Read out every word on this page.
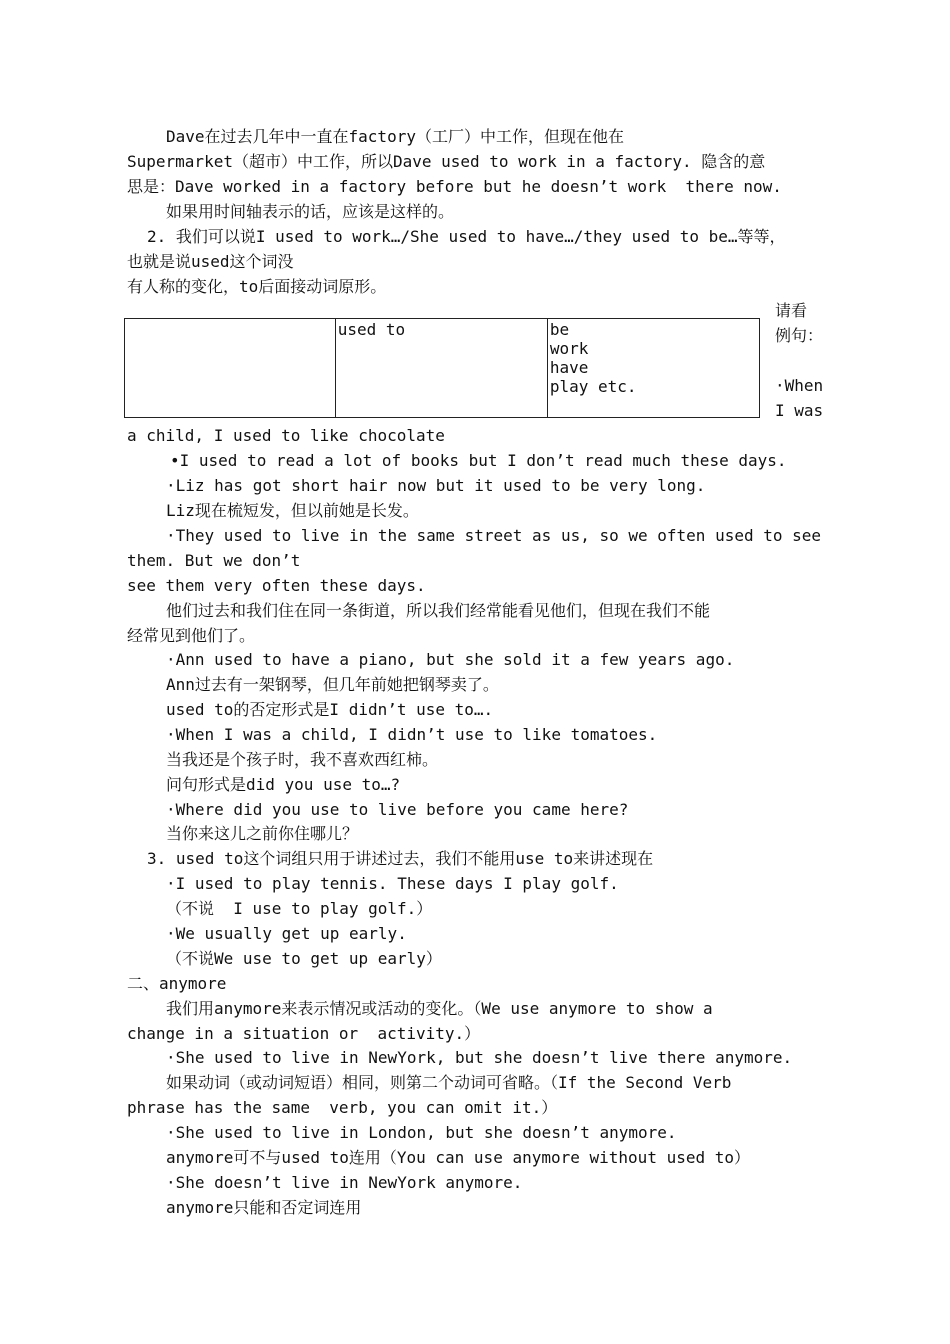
Dave在过去几年中一直在factory（工厂）中工作，但现在他在
Supermarket（超市）中工作，所以Dave used to work in a factory. 隐含的意
思是：Dave worked in a factory before but he doesn’t work  there now.
如果用时间轴表示的话，应该是这样的。
2. 我们可以说I used to work…/She used to have…/they used to be…等等，
也就是说used这个词没
有人称的变化，to后面接动词原形。
	used to	be
work
have
play etc.
请看
例句：
·When
I was
a child, I used to like chocolate
•I used to read a lot of books but I don’t read much these days.
·Liz has got short hair now but it used to be very long.
Liz现在梳短发，但以前她是长发。
·They used to live in the same street as us, so we often used to see
them. But we don’t
see them very often these days.
他们过去和我们住在同一条街道，所以我们经常能看见他们，但现在我们不能
经常见到他们了。
·Ann used to have a piano, but she sold it a few years ago.
Ann过去有一架钢琴，但几年前她把钢琴卖了。
used to的否定形式是I didn’t use to….
·When I was a child, I didn’t use to like tomatoes.
当我还是个孩子时，我不喜欢西红柿。
问句形式是did you use to…?
·Where did you use to live before you came here?
当你来这儿之前你住哪儿？
3. used to这个词组只用于讲述过去，我们不能用use to来讲述现在
·I used to play tennis. These days I play golf.
（不说  I use to play golf.）
·We usually get up early.
（不说We use to get up early）
二、anymore
我们用anymore来表示情况或活动的变化。（We use anymore to show a
change in a situation or  activity.）
·She used to live in NewYork, but she doesn’t live there anymore.
如果动词（或动词短语）相同，则第二个动词可省略。（If the Second Verb
phrase has the same  verb, you can omit it.）
·She used to live in London, but she doesn’t anymore.
anymore可不与used to连用（You can use anymore without used to）
·She doesn’t live in NewYork anymore.
anymore只能和否定词连用
